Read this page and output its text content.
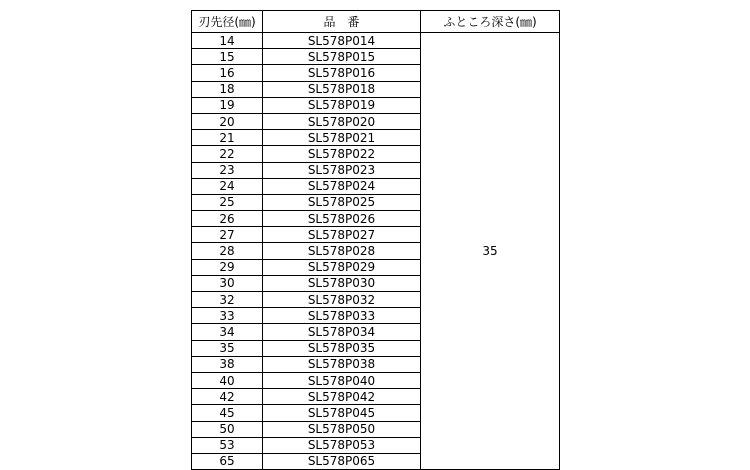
刃先径(㎜)	品　番	ふところ深さ(㎜)
14	SL578P014	35
15	SL578P015	
16	SL578P016	
18	SL578P018	
19	SL578P019	
20	SL578P020	
21	SL578P021	
22	SL578P022	
23	SL578P023	
24	SL578P024	
25	SL578P025	
26	SL578P026	
27	SL578P027	
28	SL578P028	
29	SL578P029	
30	SL578P030	
32	SL578P032	
33	SL578P033	
34	SL578P034	
35	SL578P035	
38	SL578P038	
40	SL578P040	
42	SL578P042	
45	SL578P045	
50	SL578P050	
53	SL578P053	
65	SL578P065	
